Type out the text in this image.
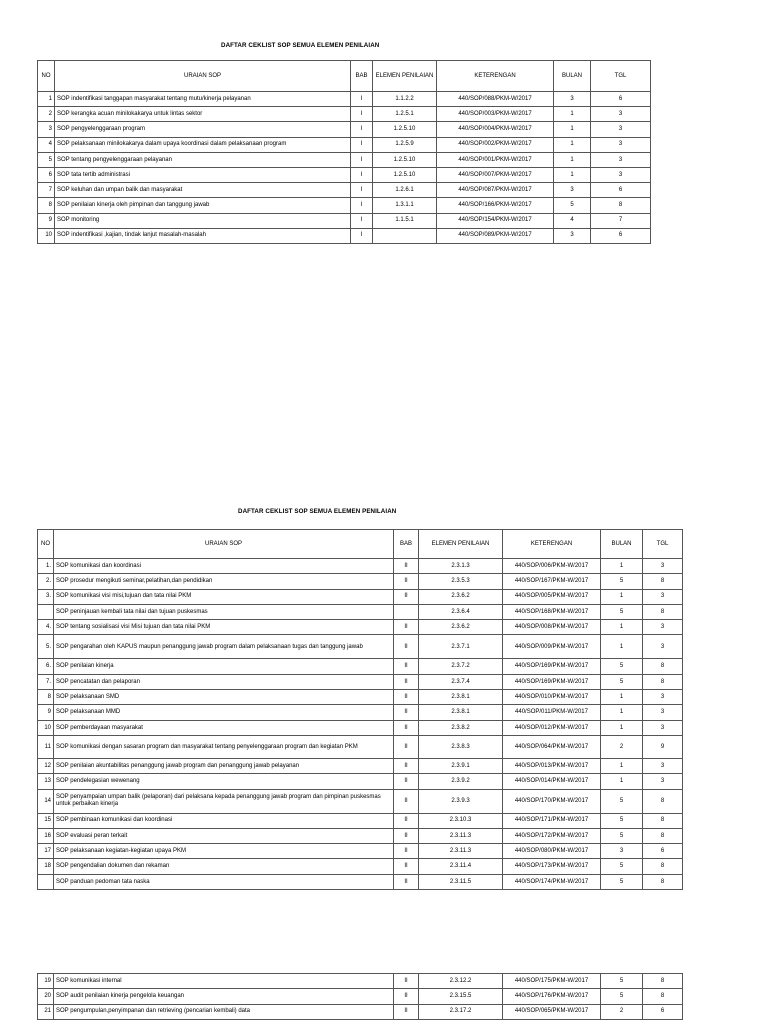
DAFTAR CEKLIST SOP SEMUA ELEMEN PENILAIAN
NO	URAIAN SOP	BAB	ELEMEN PENILAIAN	KETERENGAN	BULAN	TGL
1	SOP indentifikasi tanggapan masyarakat tentang mutu/kinerja pelayanan	I	1.1.2.2	440/SOP/088/PKM-W/2017	3	6
2	SOP kerangka acuan minilokakarya untuk lintas sektor	I	1.2.5.1	440/SOP/003/PKM-W/2017	1	3
3	SOP pengyelenggaraan program	I	1.2.5.10	440/SOP/004/PKM-W/2017	1	3
4	SOP pelaksanaan minilokakarya dalam upaya koordinasi dalam pelaksanaan program	I	1.2.5.9	440/SOP/002/PKM-W/2017	1	3
5	SOP tentang pengyelenggaraan pelayanan	I	1.2.5.10	440/SOP/001/PKM-W/2017	1	3
6	SOP tata tertib administrasi	I	1.2.5.10	440/SOP/007/PKM-W/2017	1	3
7	SOP keluhan dan umpan balik dan masyarakat	I	1.2.6.1	440/SOP/087/PKM-W/2017	3	6
8	SOP penilaian kinerja oleh pimpinan dan tanggung jawab	I	1.3.1.1	440/SOP/166/PKM-W/2017	5	8
9	SOP monitoring	I	1.1.5.1	440/SOP/154/PKM-W/2017	4	7
10	SOP indentifikasi ,kajian, tindak lanjut masalah-masalah	I		440/SOP/089/PKM-W/2017	3	6
DAFTAR CEKLIST SOP SEMUA ELEMEN PENILAIAN
NO	URAIAN SOP	BAB	ELEMEN PENILAIAN	KETERENGAN	BULAN	TGL
1.	SOP komunikasi dan koordinasi	II	2.3.1.3	440/SOP/006/PKM-W/2017	1	3
2.	SOP prosedur mengikuti seminar,pelatihan,dan pendidikan	II	2.3.5.3	440/SOP/167/PKM-W/2017	5	8
3.	SOP komunikasi visi misi,tujuan dan tata nilai PKM	II	2.3.6.2	440/SOP/005/PKM-W/2017	1	3
	SOP peninjauan kembali tata nilai dan tujuan puskesmas		2.3.6.4	440/SOP/168/PKM-W/2017	5	8
4.	SOP tentang sosialisasi visi Misi tujuan dan tata nilai PKM	II	2.3.6.2	440/SOP/008/PKM-W/2017	1	3
5.	SOP pengarahan oleh KAPUS maupun penanggung jawab program dalam pelaksanaan tugas dan tanggung jawab	II	2.3.7.1	440/SOP/009/PKM-W/2017	1	3
6.	SOP penilaian kinerja	II	2.3.7.2	440/SOP/169/PKM-W/2017	5	8
7.	SOP pencatatan dan pelaporan	II	2.3.7.4	440/SOP/169/PKM-W/2017	5	8
8	SOP pelaksanaan SMD	II	2.3.8.1	440/SOP/010/PKM-W/2017	1	3
9	SOP pelaksanaan MMD	II	2.3.8.1	440/SOP/011/PKM-W/2017	1	3
10	SOP pemberdayaan masyarakat	II	2.3.8.2	440/SOP/012/PKM-W/2017	1	3
11	SOP komunikasi dengan sasaran program dan masyarakat tentang penyelenggaraan program dan kegiatan PKM	II	2.3.8.3	440/SOP/064/PKM-W/2017	2	9
12	SOP penilaian akuntabilitas penanggung jawab program dan penanggung jawab pelayanan	II	2.3.9.1	440/SOP/013/PKM-W/2017	1	3
13	SOP pendelegasian wewenang	II	2.3.9.2	440/SOP/014/PKM-W/2017	1	3
14	SOP penyampaian umpan balik (pelaporan) dari pelaksana kepada penanggung jawab program dan pimpinan puskesmas untuk perbaikan kinerja	II	2.3.9.3	440/SOP/170/PKM-W/2017	5	8
15	SOP pembinaan komunikasi dan koordinasi	II	2.3.10.3	440/SOP/171/PKM-W/2017	5	8
16	SOP evaluasi peran terkait	II	2.3.11.3	440/SOP/172/PKM-W/2017	5	8
17	SOP pelaksanaan kegiatan-kegiatan upaya PKM	II	2.3.11.3	440/SOP/080/PKM-W/2017	3	6
18	SOP pengendalian dokumen dan rekaman	II	2.3.11.4	440/SOP/173/PKM-W/2017	5	8
	SOP panduan pedoman tata naska	II	2.3.11.5	440/SOP/174/PKM-W/2017	5	8
19	SOP komunikasi internal	II	2.3.12.2	440/SOP/175/PKM-W/2017	5	8
20	SOP audit penilaian kinerja pengelola keuangan	II	2.3.15.5	440/SOP/176/PKM-W/2017	5	8
21	SOP pengumpulan,penyimpanan dan retrieving (pencarian kembali) data	II	2.3.17.2	440/SOP/065/PKM-W/2017	2	6
